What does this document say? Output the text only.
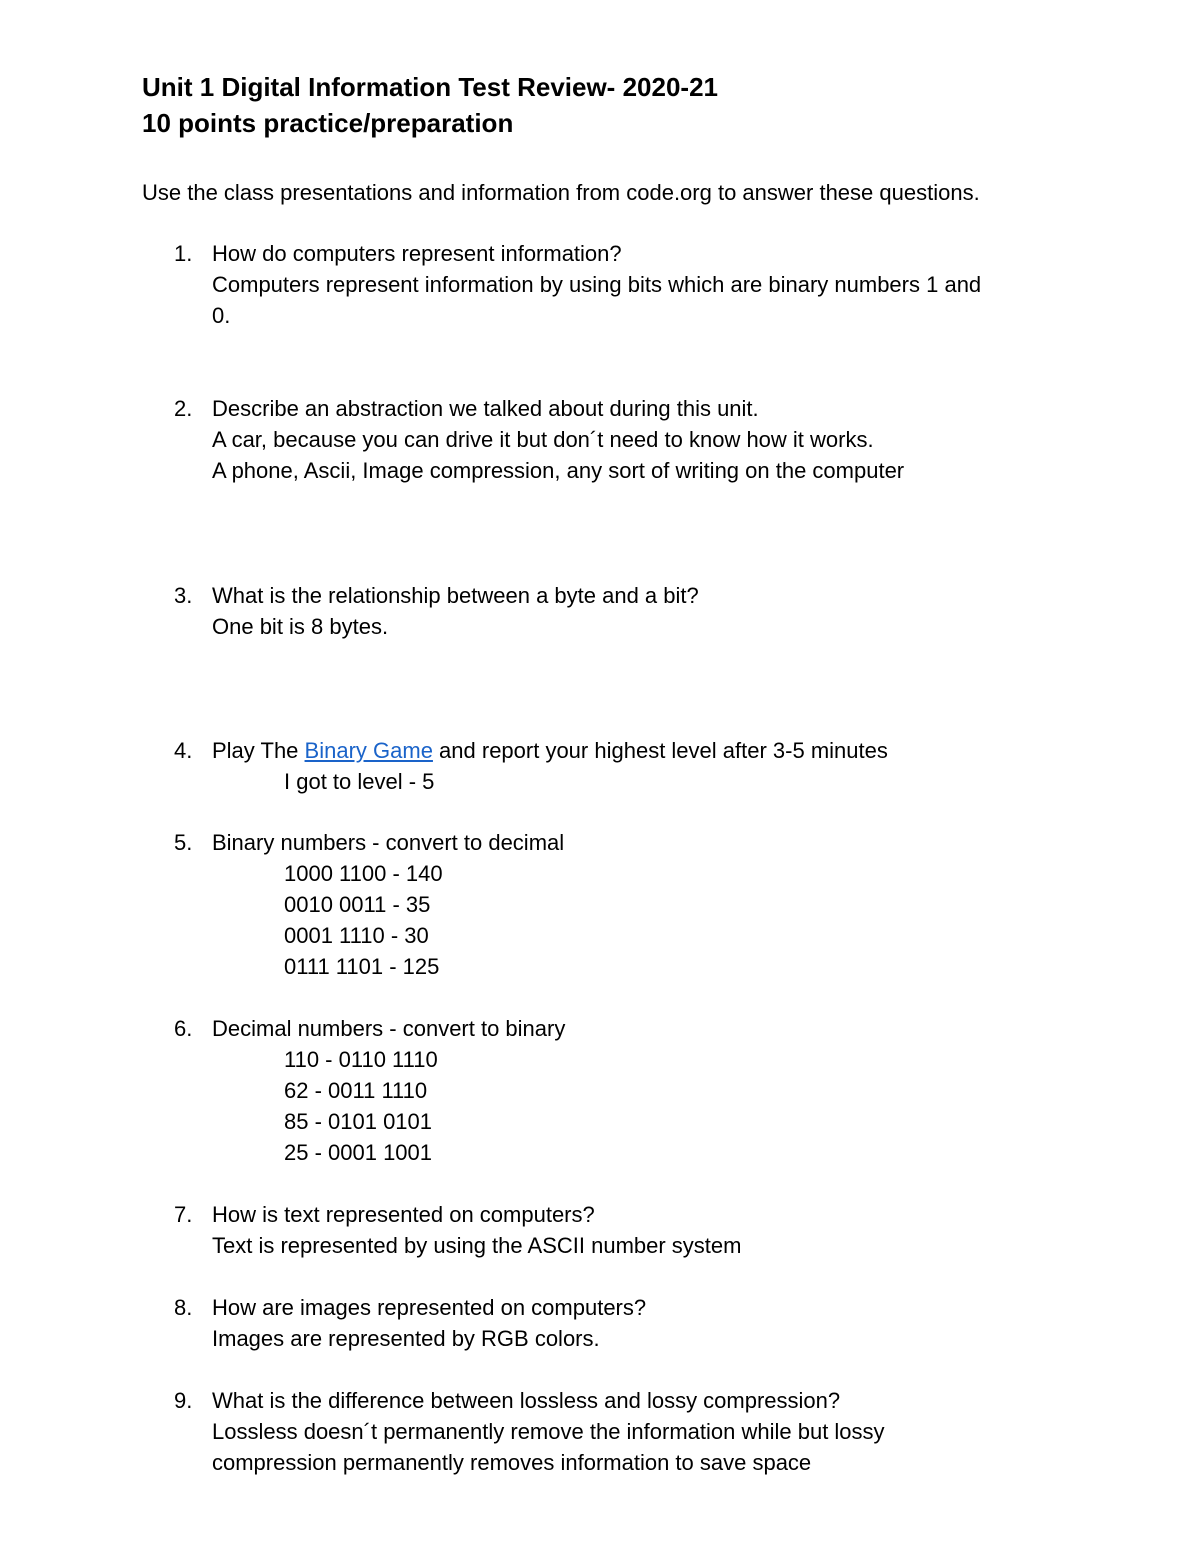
Unit 1 Digital Information Test Review- 2020-21
10 points practice/preparation

Use the class presentations and information from code.org to answer these questions.

1. How do computers represent information?
Computers represent information by using bits which are binary numbers 1 and
0.
2. Describe an abstraction we talked about during this unit.
A car, because you can drive it but don´t need to know how it works.
A phone, Ascii, Image compression, any sort of writing on the computer
3. What is the relationship between a byte and a bit?
One bit is 8 bytes.
4. Play The Binary Game and report your highest level after 3-5 minutes
I got to level - 5
5. Binary numbers - convert to decimal
1000 1100 - 140
0010 0011 - 35
0001 1110 - 30
0111 1101 - 125
6. Decimal numbers - convert to binary
110 - 0110 1110
62 - 0011 1110
85 - 0101 0101
25 - 0001 1001
7. How is text represented on computers?
Text is represented by using the ASCII number system
8. How are images represented on computers?
Images are represented by RGB colors.
9. What is the difference between lossless and lossy compression?
Lossless doesn´t permanently remove the information while but lossy
compression permanently removes information to save space
